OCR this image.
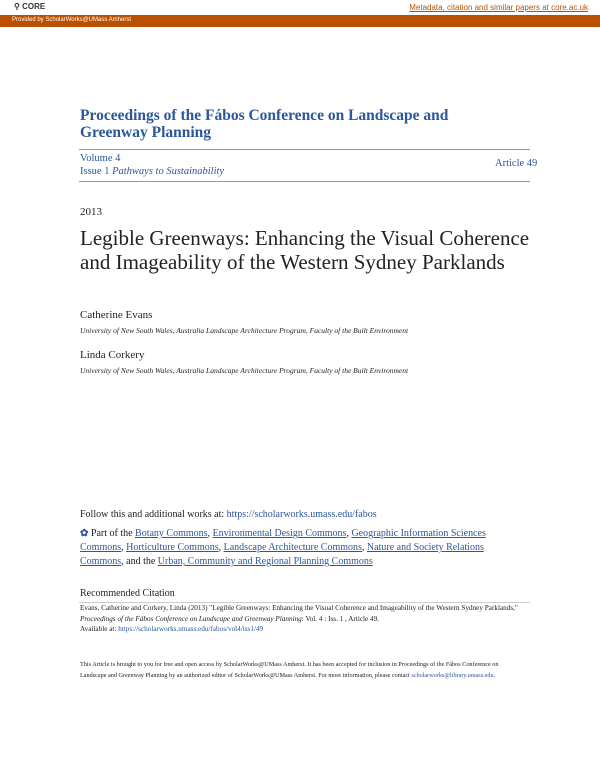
⚲ CORE	Metadata, citation and similar papers at core.ac.uk
Provided by ScholarWorks@UMass Amherst
Proceedings of the Fábos Conference on Landscape and Greenway Planning
Volume 4
Issue 1 Pathways to Sustainability
Article 49
2013
Legible Greenways: Enhancing the Visual Coherence and Imageability of the Western Sydney Parklands
Catherine Evans
University of New South Wales, Australia Landscape Architecture Program, Faculty of the Built Environment
Linda Corkery
University of New South Wales, Australia Landscape Architecture Program, Faculty of the Built Environment
Follow this and additional works at: https://scholarworks.umass.edu/fabos
✿ Part of the Botany Commons, Environmental Design Commons, Geographic Information Sciences Commons, Horticulture Commons, Landscape Architecture Commons, Nature and Society Relations Commons, and the Urban, Community and Regional Planning Commons
Recommended Citation
Evans, Catherine and Corkery, Linda (2013) "Legible Greenways: Enhancing the Visual Coherence and Imageability of the Western Sydney Parklands," Proceedings of the Fábos Conference on Landscape and Greenway Planning: Vol. 4 : Iss. 1 , Article 49.
Available at: https://scholarworks.umass.edu/fabos/vol4/iss1/49
This Article is brought to you for free and open access by ScholarWorks@UMass Amherst. It has been accepted for inclusion in Proceedings of the Fábos Conference on Landscape and Greenway Planning by an authorized editor of ScholarWorks@UMass Amherst. For more information, please contact scholarworks@library.umass.edu.
